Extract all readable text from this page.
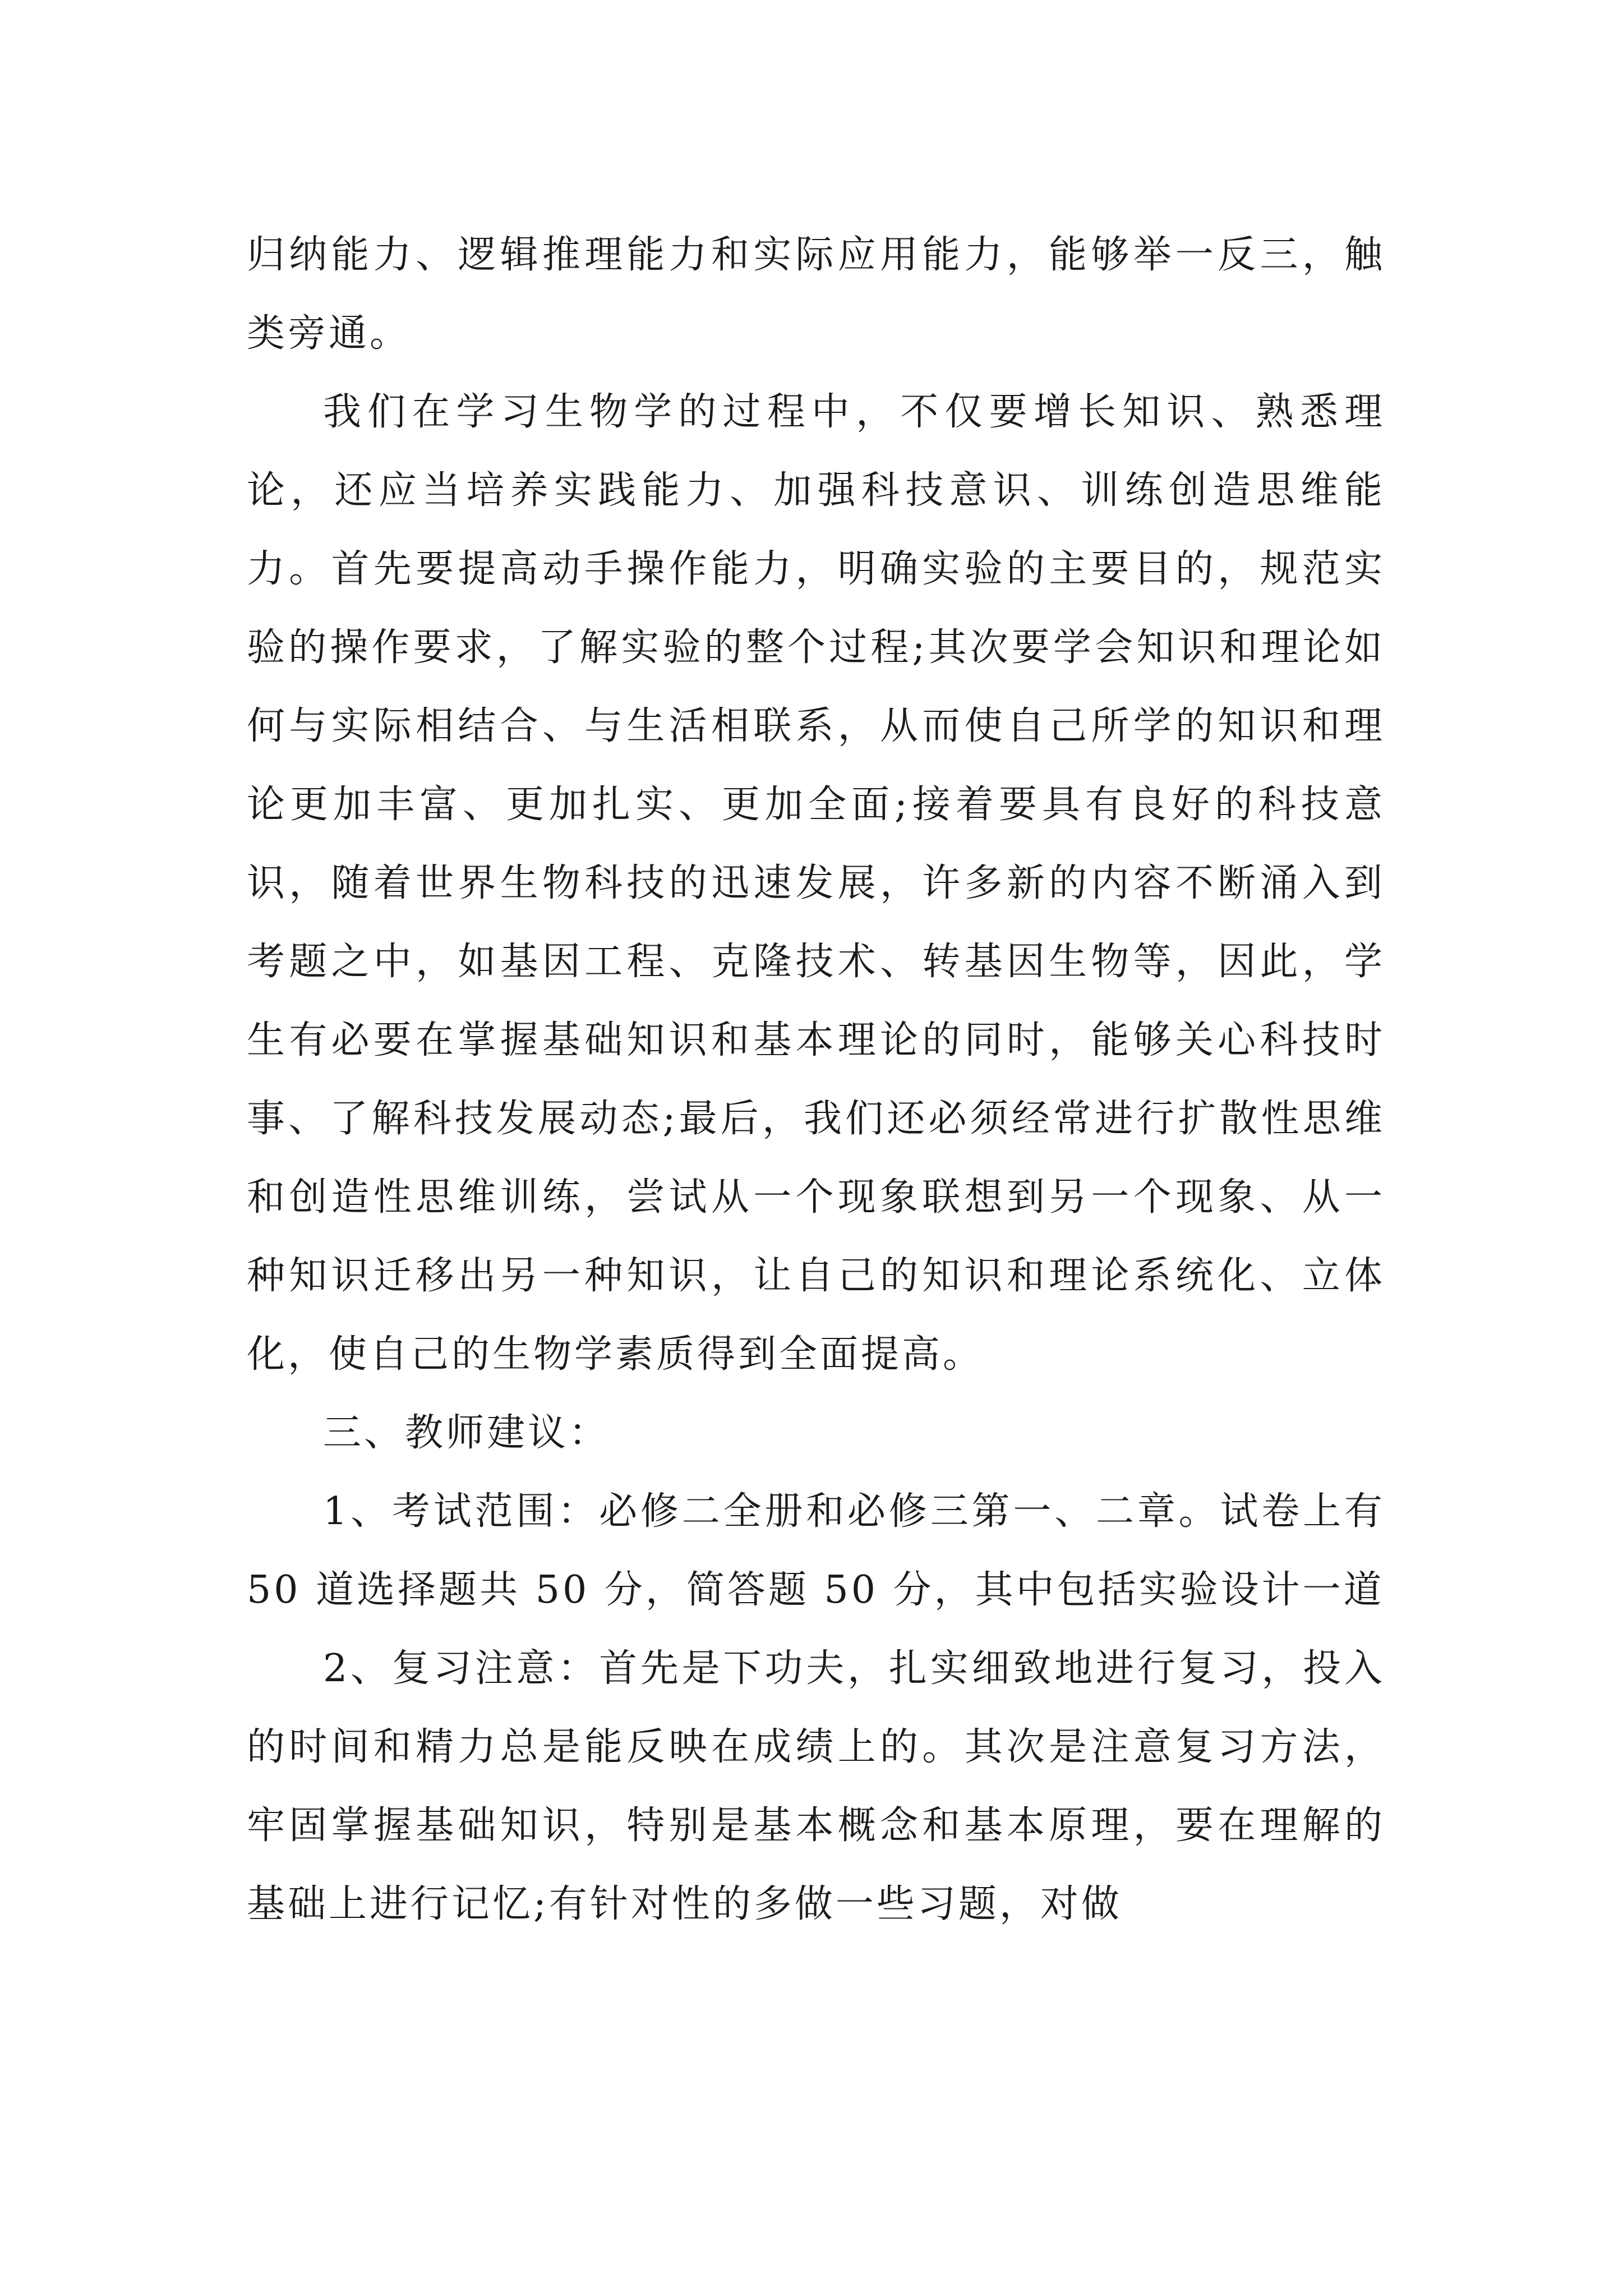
归纳能力、逻辑推理能力和实际应用能力，能够举一反三，触类旁通。

我们在学习生物学的过程中，不仅要增长知识、熟悉理论，还应当培养实践能力、加强科技意识、训练创造思维能力。首先要提高动手操作能力，明确实验的主要目的，规范实验的操作要求，了解实验的整个过程;其次要学会知识和理论如何与实际相结合、与生活相联系，从而使自己所学的知识和理论更加丰富、更加扎实、更加全面;接着要具有良好的科技意识，随着世界生物科技的迅速发展，许多新的内容不断涌入到考题之中，如基因工程、克隆技术、转基因生物等，因此，学生有必要在掌握基础知识和基本理论的同时，能够关心科技时事、了解科技发展动态;最后，我们还必须经常进行扩散性思维和创造性思维训练，尝试从一个现象联想到另一个现象、从一种知识迁移出另一种知识，让自己的知识和理论系统化、立体化，使自己的生物学素质得到全面提高。

三、教师建议：

1、考试范围：必修二全册和必修三第一、二章。试卷上有 50 道选择题共 50 分，简答题 50 分，其中包括实验设计一道

2、复习注意：首先是下功夫，扎实细致地进行复习，投入的时间和精力总是能反映在成绩上的。其次是注意复习方法，牢固掌握基础知识，特别是基本概念和基本原理，要在理解的基础上进行记忆;有针对性的多做一些习题，对做
